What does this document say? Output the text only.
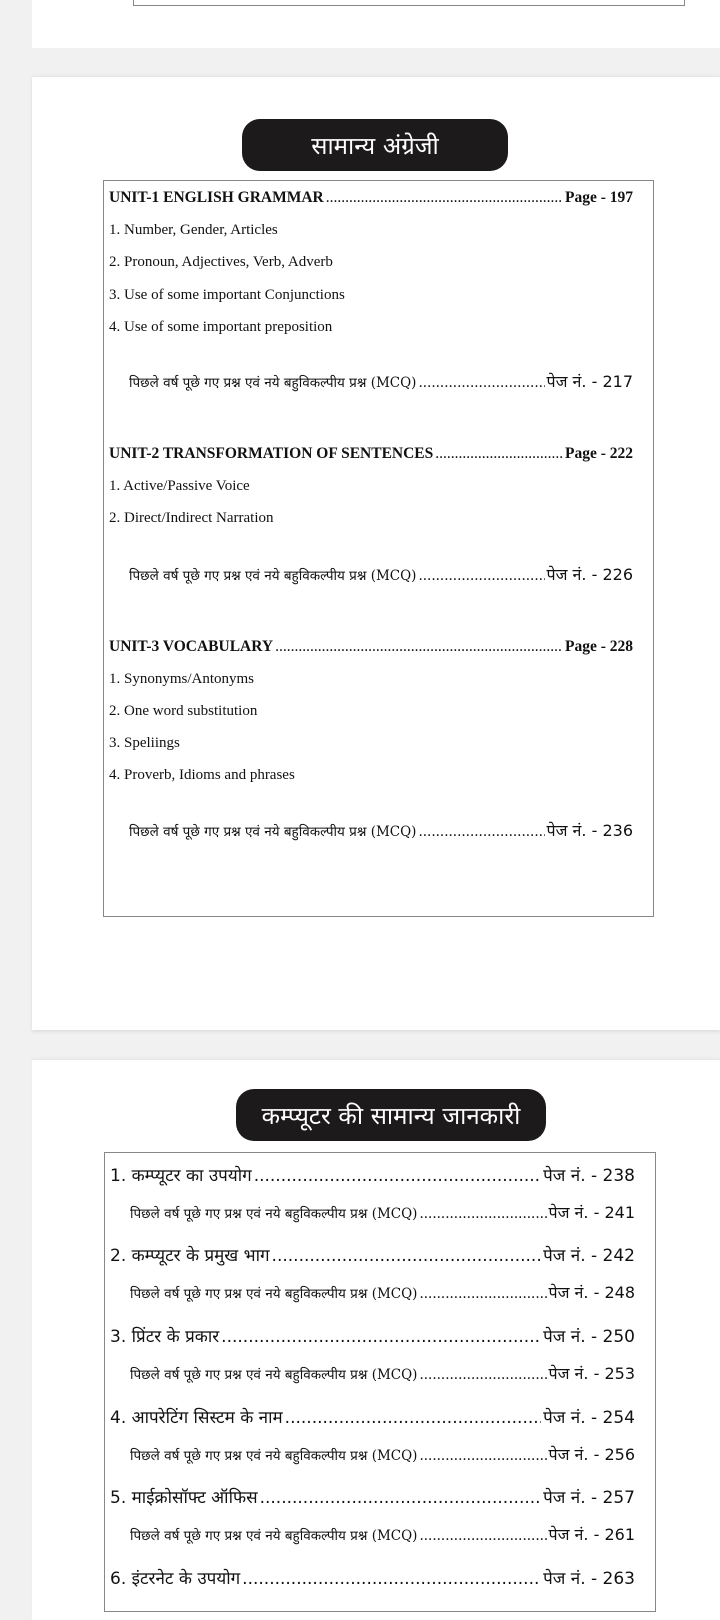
सामान्य अंग्रेजी
UNIT-1 ENGLISH GRAMMAR .....	Page - 197
1. Number, Gender, Articles
2. Pronoun, Adjectives, Verb, Adverb
3. Use of some important Conjunctions
4. Use of some important preposition
पिछले वर्ष पूछे गए प्रश्न एवं नये बहुविकल्पीय प्रश्न (MCQ) .....	पेज नं. - 217
UNIT-2 TRANSFORMATION OF SENTENCES .....	Page - 222
1. Active/Passive Voice
2. Direct/Indirect Narration
पिछले वर्ष पूछे गए प्रश्न एवं नये बहुविकल्पीय प्रश्न (MCQ) .....	पेज नं. - 226
UNIT-3 VOCABULARY .....	Page - 228
1. Synonyms/Antonyms
2. One word substitution
3. Speliings
4. Proverb, Idioms and phrases
पिछले वर्ष पूछे गए प्रश्न एवं नये बहुविकल्पीय प्रश्न (MCQ) .....	पेज नं. - 236
कम्प्यूटर की सामान्य जानकारी
1. कम्प्यूटर का उपयोग .....	पेज नं. - 238
पिछले वर्ष पूछे गए प्रश्न एवं नये बहुविकल्पीय प्रश्न (MCQ) .....	पेज नं. - 241
2. कम्प्यूटर के प्रमुख भाग .....	पेज नं. - 242
पिछले वर्ष पूछे गए प्रश्न एवं नये बहुविकल्पीय प्रश्न (MCQ) .....	पेज नं. - 248
3. प्रिंटर के प्रकार .....	पेज नं. - 250
पिछले वर्ष पूछे गए प्रश्न एवं नये बहुविकल्पीय प्रश्न (MCQ) .....	पेज नं. - 253
4. आपरेटिंग सिस्टम के नाम .....	पेज नं. - 254
पिछले वर्ष पूछे गए प्रश्न एवं नये बहुविकल्पीय प्रश्न (MCQ) .....	पेज नं. - 256
5. माईक्रोसॉफ्ट ऑफिस .....	पेज नं. - 257
पिछले वर्ष पूछे गए प्रश्न एवं नये बहुविकल्पीय प्रश्न (MCQ) .....	पेज नं. - 261
6. इंटरनेट के उपयोग .....	पेज नं. - 263
